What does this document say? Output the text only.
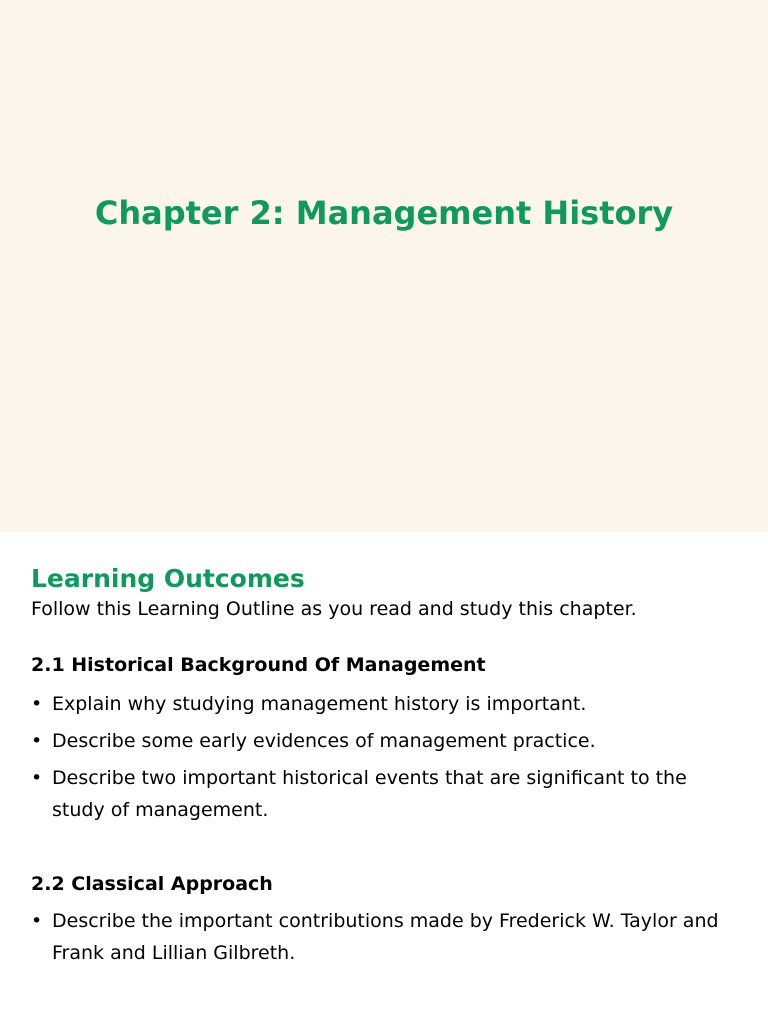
Chapter 2: Management History
Learning Outcomes

Follow this Learning Outline as you read and study this chapter.

2.1 Historical Background Of Management
• Explain why studying management history is important.
• Describe some early evidences of management practice.
• Describe two important historical events that are significant to the study of management.
2.2 Classical Approach
• Describe the important contributions made by Frederick W. Taylor and Frank and Lillian Gilbreth.
